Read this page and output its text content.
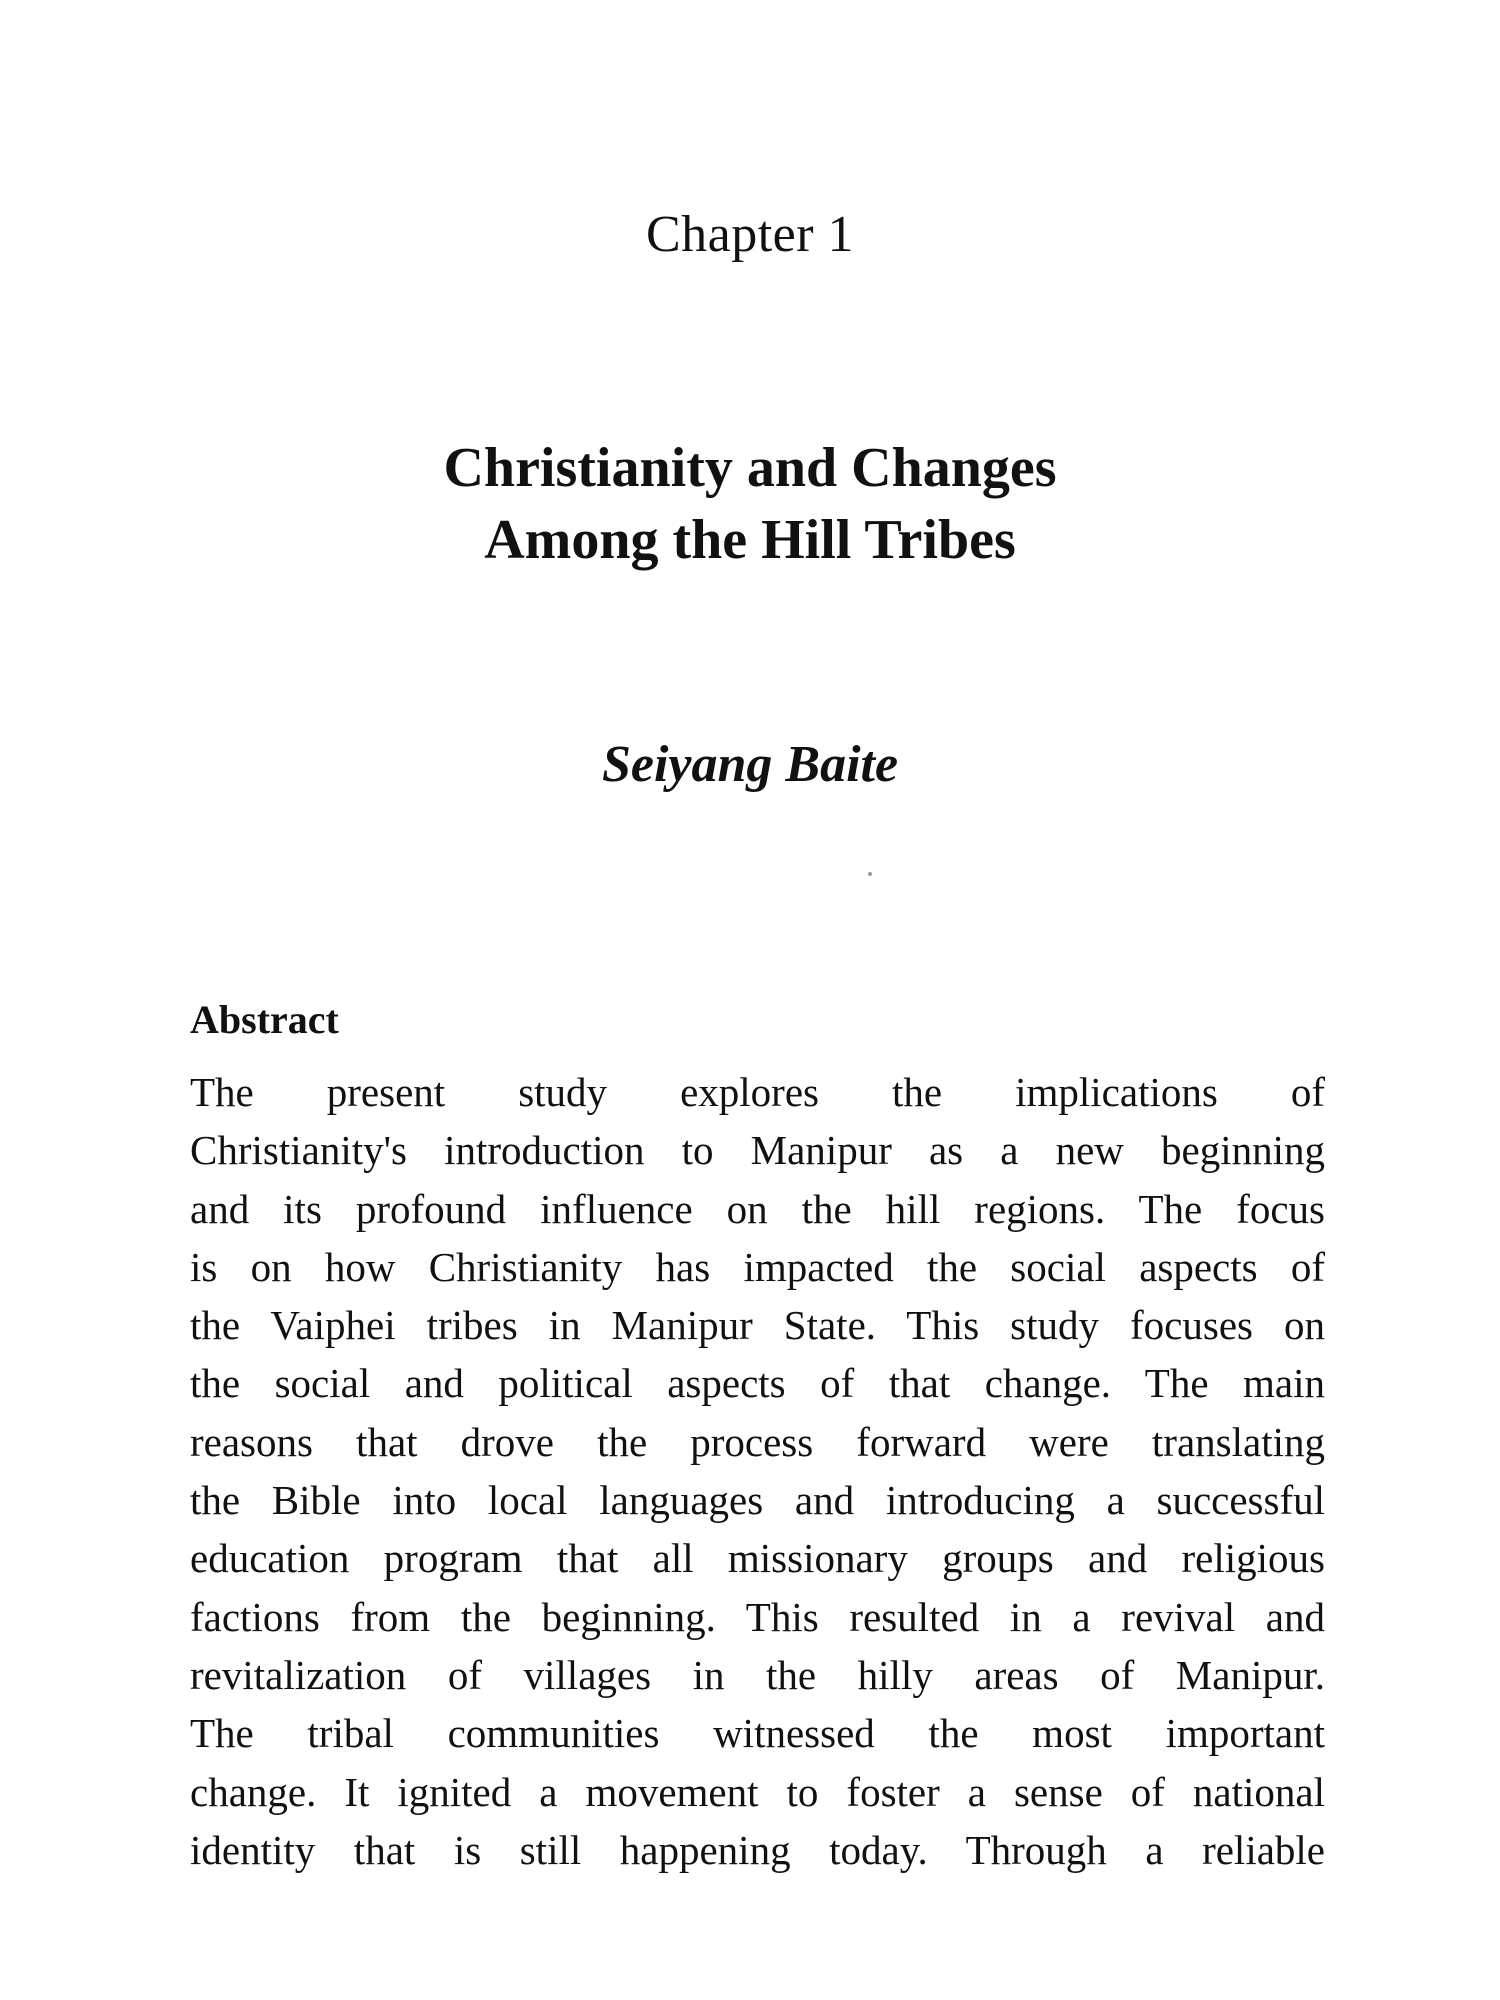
Chapter 1
Christianity and Changes
Among the Hill Tribes
Seiyang Baite
Abstract

The present study explores the implications of
Christianity's introduction to Manipur as a new beginning
and its profound influence on the hill regions. The focus
is on how Christianity has impacted the social aspects of
the Vaiphei tribes in Manipur State. This study focuses on
the social and political aspects of that change. The main
reasons that drove the process forward were translating
the Bible into local languages and introducing a successful
education program that all missionary groups and religious
factions from the beginning. This resulted in a revival and
revitalization of villages in the hilly areas of Manipur.
The tribal communities witnessed the most important
change. It ignited a movement to foster a sense of national
identity that is still happening today. Through a reliable
